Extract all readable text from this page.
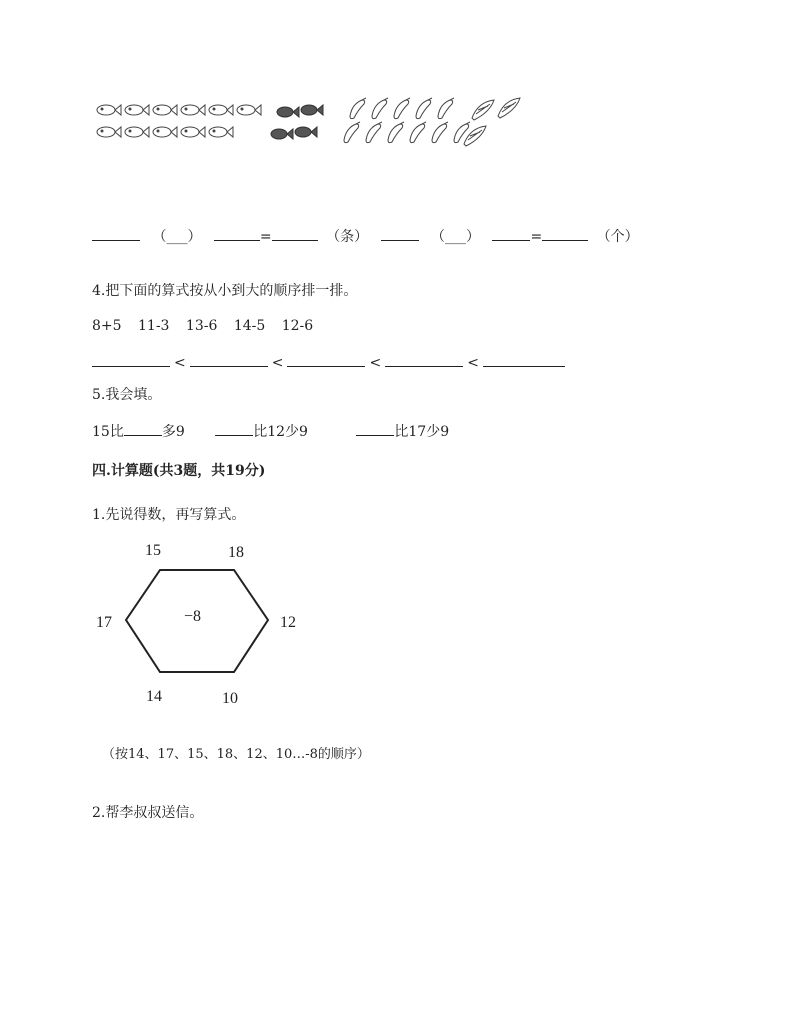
（___）	=	（条）	（___）	=	（个）
4.把下面的算式按从小到大的顺序排一排。
8+5 11-3 13-6 14-5 12-6
<	<	<	<
5.我会填。
15比	多9	比12少9	比17少9
四.计算题(共3题，共19分)
1.先说得数，再写算式。
−8
15	18
17	12
14	10
（按14、17、15、18、12、10…-8的顺序）
2.帮李叔叔送信。
